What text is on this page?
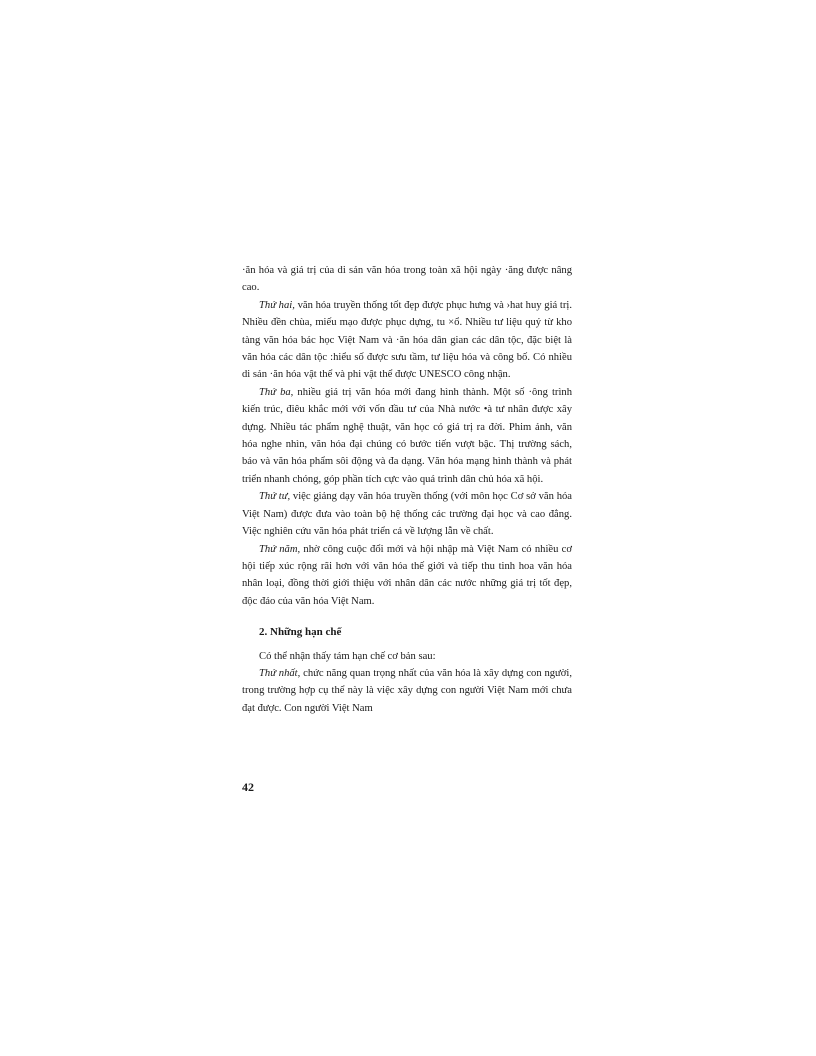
·ăn hóa và giá trị của di sản văn hóa trong toàn xã hội ngày ·ăng được nâng cao.

Thứ hai, văn hóa truyền thống tốt đẹp được phục hưng và ›hat huy giá trị. Nhiều đền chùa, miếu mạo được phục dựng, tu ×ổ. Nhiều tư liệu quý từ kho tàng văn hóa bác học Việt Nam và ·ăn hóa dân gian các dân tộc, đặc biệt là văn hóa các dân tộc :hiểu số được sưu tầm, tư liệu hóa và công bố. Có nhiều di sản ·ăn hóa vật thể và phi vật thể được UNESCO công nhận.

Thứ ba, nhiều giá trị văn hóa mới đang hình thành. Một số ·ông trình kiến trúc, điêu khắc mới với vốn đầu tư của Nhà nước •à tư nhân được xây dựng. Nhiều tác phẩm nghệ thuật, văn học có giá trị ra đời. Phim ảnh, văn hóa nghe nhìn, văn hóa đại chúng có bước tiến vượt bậc. Thị trường sách, báo và văn hóa phẩm sôi động và đa dạng. Văn hóa mạng hình thành và phát triển nhanh chóng, góp phần tích cực vào quá trình dân chủ hóa xã hội.

Thứ tư, việc giảng dạy văn hóa truyền thống (với môn học Cơ sở văn hóa Việt Nam) được đưa vào toàn bộ hệ thống các trường đại học và cao đẳng. Việc nghiên cứu văn hóa phát triển cả về lượng lẫn về chất.

Thứ năm, nhờ công cuộc đổi mới và hội nhập mà Việt Nam có nhiều cơ hội tiếp xúc rộng rãi hơn với văn hóa thế giới và tiếp thu tinh hoa văn hóa nhân loại, đồng thời giới thiệu với nhân dân các nước những giá trị tốt đẹp, độc đáo của văn hóa Việt Nam.

2. Những hạn chế

Có thể nhận thấy tám hạn chế cơ bản sau:

Thứ nhất, chức năng quan trọng nhất của văn hóa là xây dựng con người, trong trường hợp cụ thể này là việc xây dựng con người Việt Nam mới chưa đạt được. Con người Việt Nam

42
